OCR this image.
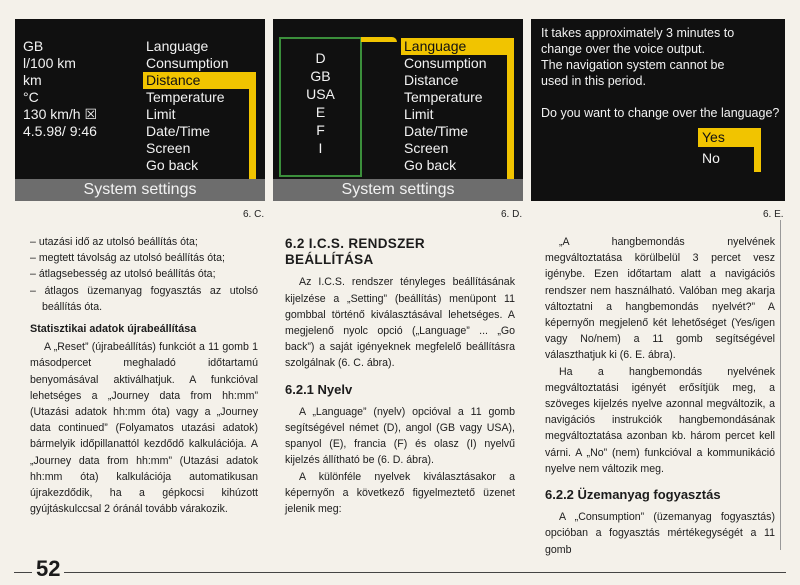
GB
l/100 km
km
°C
130 km/h ☒
4.5.98/ 9:46
Language
Consumption
Distance
Temperature
Limit
Date/Time
Screen
Go back
System settings
D
GB
USA
E
F
I
Language
Consumption
Distance
Temperature
Limit
Date/Time
Screen
Go back
System settings
It takes approximately 3 minutes to
change over the voice output.
The navigation system cannot be
used in this period.
Do you want to change over the language?
Yes
No
6. C.	6. D.	6. E.

– utazási idő az utolsó beállítás óta;

– megtett távolság az utolsó beállítás óta;

– átlagsebesség az utolsó beállítás óta;

– átlagos üzemanyag fogyasztás az utolsó beállítás óta.

Statisztikai adatok újrabeállítása

A „Reset” (újrabeállítás) funkciót a 11 gomb 1 másodpercet meghaladó időtartamú benyomásával aktiválhatjuk. A funkcióval lehetséges a „Journey data from hh:mm” (Utazási adatok hh:mm óta) vagy a „Journey data continued” (Folyamatos utazási adatok) bármelyik időpillanattól kezdődő kalkulációja. A „Journey data from hh:mm” (Utazási adatok hh:mm óta) kalkulációja automatikusan újrakezdődik, ha a gépkocsi kihúzott gyújtáskulccsal 2 óránál tovább várakozik.

6.2 I.C.S. RENDSZER BEÁLLÍTÁSA

Az I.C.S. rendszer tényleges beállításának kijelzése a „Setting” (beállítás) menüpont 11 gombbal történő kiválasztásával lehetséges. A megjelenő nyolc opció („Language” ... „Go back”) a saját igényeknek megfelelő beállításra szolgálnak (6. C. ábra).

6.2.1 Nyelv

A „Language” (nyelv) opcióval a 11 gomb segítségével német (D), angol (GB vagy USA), spanyol (E), francia (F) és olasz (I) nyelvű kijelzés állítható be (6. D. ábra).

A különféle nyelvek kiválasztásakor a képernyőn a következő figyelmeztető üzenet jelenik meg:

„A hangbemondás nyelvének megváltoztatása körülbelül 3 percet vesz igénybe. Ezen időtartam alatt a navigációs rendszer nem használható. Valóban meg akarja változtatni a hangbemondás nyelvét?” A képernyőn megjelenő két lehetőséget (Yes/igen vagy No/nem) a 11 gomb segítségével választhatjuk ki (6. E. ábra).

Ha a hangbemondás nyelvének megváltoztatási igényét erősítjük meg, a szöveges kijelzés nyelve azonnal megváltozik, a navigációs instrukciók hangbemondásának megváltoztatása azonban kb. három percet kell várni. A „No” (nem) funkcióval a kommunikáció nyelve nem változik meg.

6.2.2 Üzemanyag fogyasztás

A „Consumption” (üzemanyag fogyasztás) opcióban a fogyasztás mértékegységét a 11 gomb

52
